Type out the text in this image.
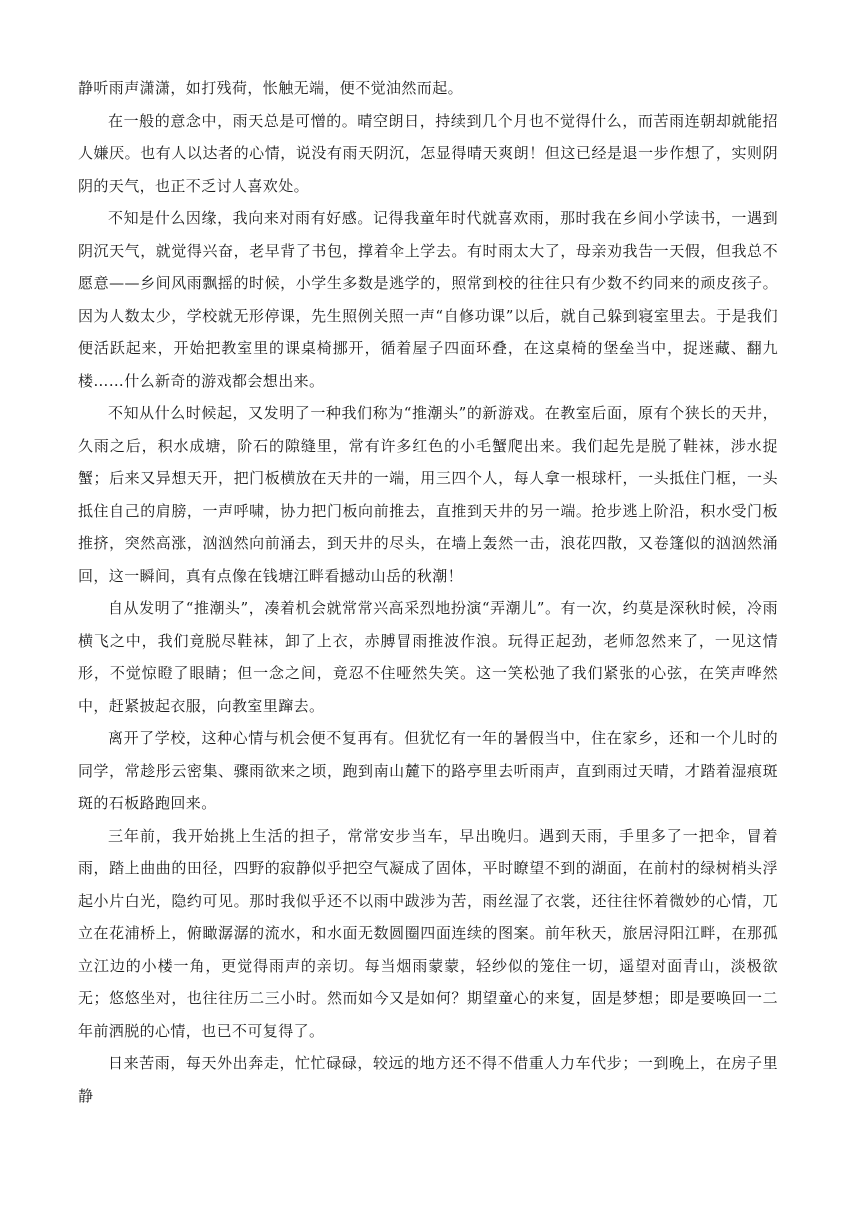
静听雨声潇潇，如打残荷，怅触无端，便不觉油然而起。

在一般的意念中，雨天总是可憎的。晴空朗日，持续到几个月也不觉得什么，而苦雨连朝却就能招人嫌厌。也有人以达者的心情，说没有雨天阴沉，怎显得晴天爽朗！但这已经是退一步作想了，实则阴阴的天气，也正不乏讨人喜欢处。

不知是什么因缘，我向来对雨有好感。记得我童年时代就喜欢雨，那时我在乡间小学读书，一遇到阴沉天气，就觉得兴奋，老早背了书包，撑着伞上学去。有时雨太大了，母亲劝我告一天假，但我总不愿意——乡间风雨飘摇的时候，小学生多数是逃学的，照常到校的往往只有少数不约同来的顽皮孩子。因为人数太少，学校就无形停课，先生照例关照一声“自修功课”以后，就自己躲到寝室里去。于是我们便活跃起来，开始把教室里的课桌椅挪开，循着屋子四面环叠，在这桌椅的堡垒当中，捉迷藏、翻九楼……什么新奇的游戏都会想出来。

不知从什么时候起，又发明了一种我们称为“推潮头”的新游戏。在教室后面，原有个狭长的天井，久雨之后，积水成塘，阶石的隙缝里，常有许多红色的小毛蟹爬出来。我们起先是脱了鞋袜，涉水捉蟹；后来又异想天开，把门板横放在天井的一端，用三四个人，每人拿一根球杆，一头抵住门框，一头抵住自己的肩膀，一声呼啸，协力把门板向前推去，直推到天井的另一端。抢步逃上阶沿，积水受门板推挤，突然高涨，汹汹然向前涌去，到天井的尽头，在墙上轰然一击，浪花四散，又卷篷似的汹汹然涌回，这一瞬间，真有点像在钱塘江畔看撼动山岳的秋潮！

自从发明了“推潮头”，凑着机会就常常兴高采烈地扮演“弄潮儿”。有一次，约莫是深秋时候，冷雨横飞之中，我们竟脱尽鞋袜，卸了上衣，赤膊冒雨推波作浪。玩得正起劲，老师忽然来了，一见这情形，不觉惊瞪了眼睛；但一念之间，竟忍不住哑然失笑。这一笑松弛了我们紧张的心弦，在笑声哗然中，赶紧披起衣服，向教室里蹿去。

离开了学校，这种心情与机会便不复再有。但犹忆有一年的暑假当中，住在家乡，还和一个儿时的同学，常趁彤云密集、骤雨欲来之顷，跑到南山麓下的路亭里去听雨声，直到雨过天晴，才踏着湿痕斑斑的石板路跑回来。

三年前，我开始挑上生活的担子，常常安步当车，早出晚归。遇到天雨，手里多了一把伞，冒着雨，踏上曲曲的田径，四野的寂静似乎把空气凝成了固体，平时瞭望不到的湖面，在前村的绿树梢头浮起小片白光，隐约可见。那时我似乎还不以雨中跋涉为苦，雨丝湿了衣裳，还往往怀着微妙的心情，兀立在花浦桥上，俯瞰潺潺的流水，和水面无数圆圈四面连续的图案。前年秋天，旅居浔阳江畔，在那孤立江边的小楼一角，更觉得雨声的亲切。每当烟雨蒙蒙，轻纱似的笼住一切，遥望对面青山，淡极欲无；悠悠坐对，也往往历二三小时。然而如今又是如何？期望童心的来复，固是梦想；即是要唤回一二年前洒脱的心情，也已不可复得了。

日来苦雨，每天外出奔走，忙忙碌碌，较远的地方还不得不借重人力车代步；一到晚上，在房子里静
